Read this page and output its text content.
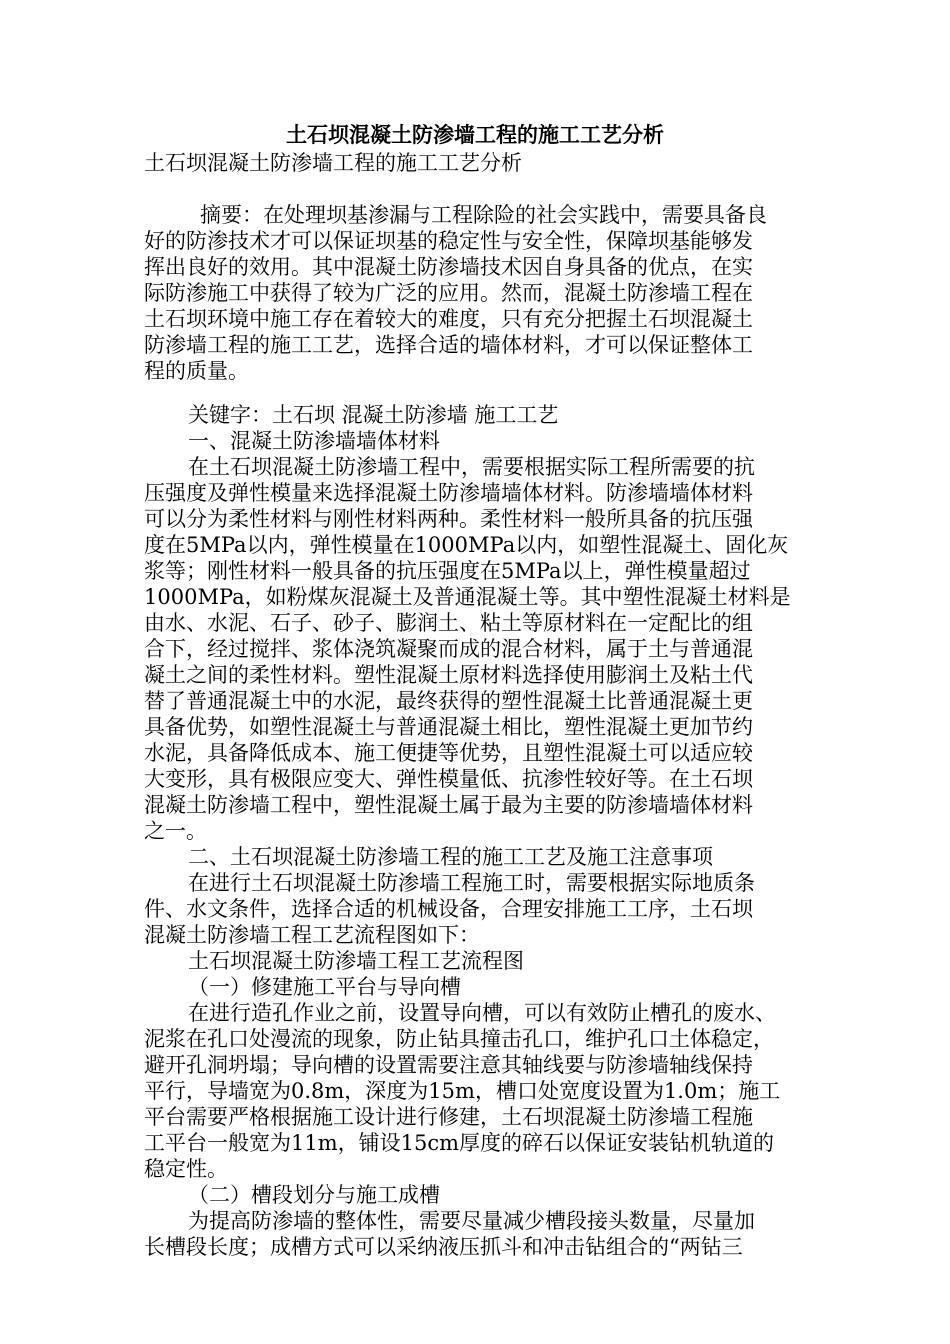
土石坝混凝土防渗墙工程的施工工艺分析
土石坝混凝土防渗墙工程的施工工艺分析
摘要：在处理坝基渗漏与工程除险的社会实践中，需要具备良
好的防渗技术才可以保证坝基的稳定性与安全性，保障坝基能够发
挥出良好的效用。其中混凝土防渗墙技术因自身具备的优点，在实
际防渗施工中获得了较为广泛的应用。然而，混凝土防渗墙工程在
土石坝环境中施工存在着较大的难度，只有充分把握土石坝混凝土
防渗墙工程的施工工艺，选择合适的墙体材料，才可以保证整体工
程的质量。
关键字：土石坝 混凝土防渗墙 施工工艺
一、混凝土防渗墙墙体材料
在土石坝混凝土防渗墙工程中，需要根据实际工程所需要的抗
压强度及弹性模量来选择混凝土防渗墙墙体材料。防渗墙墙体材料
可以分为柔性材料与刚性材料两种。柔性材料一般所具备的抗压强
度在5MPa以内，弹性模量在1000MPa以内，如塑性混凝土、固化灰
浆等；刚性材料一般具备的抗压强度在5MPa以上，弹性模量超过
1000MPa，如粉煤灰混凝土及普通混凝土等。其中塑性混凝土材料是
由水、水泥、石子、砂子、膨润土、粘土等原材料在一定配比的组
合下，经过搅拌、浆体浇筑凝聚而成的混合材料，属于土与普通混
凝土之间的柔性材料。塑性混凝土原材料选择使用膨润土及粘土代
替了普通混凝土中的水泥，最终获得的塑性混凝土比普通混凝土更
具备优势，如塑性混凝土与普通混凝土相比，塑性混凝土更加节约
水泥，具备降低成本、施工便捷等优势，且塑性混凝土可以适应较
大变形，具有极限应变大、弹性模量低、抗渗性较好等。在土石坝
混凝土防渗墙工程中，塑性混凝土属于最为主要的防渗墙墙体材料
之一。
二、土石坝混凝土防渗墙工程的施工工艺及施工注意事项
在进行土石坝混凝土防渗墙工程施工时，需要根据实际地质条
件、水文条件，选择合适的机械设备，合理安排施工工序，土石坝
混凝土防渗墙工程工艺流程图如下：
土石坝混凝土防渗墙工程工艺流程图
（一）修建施工平台与导向槽
在进行造孔作业之前，设置导向槽，可以有效防止槽孔的废水、
泥浆在孔口处漫流的现象，防止钻具撞击孔口，维护孔口土体稳定，
避开孔洞坍塌；导向槽的设置需要注意其轴线要与防渗墙轴线保持
平行，导墙宽为0.8m，深度为15m，槽口处宽度设置为1.0m；施工
平台需要严格根据施工设计进行修建，土石坝混凝土防渗墙工程施
工平台一般宽为11m，铺设15cm厚度的碎石以保证安装钻机轨道的
稳定性。
（二）槽段划分与施工成槽
为提高防渗墙的整体性，需要尽量减少槽段接头数量，尽量加
长槽段长度；成槽方式可以采纳液压抓斗和冲击钻组合的“两钻三
